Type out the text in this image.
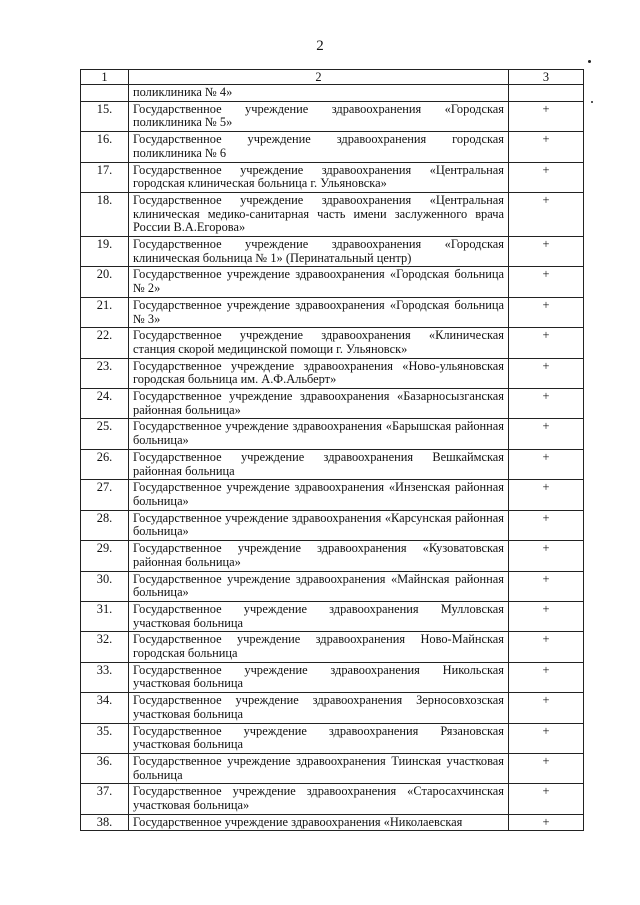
2
1	2	3
	поликлиника № 4»	
15.	Государственное учреждение здравоохранения «Городская поликлиника № 5»	+
16.	Государственное учреждение здравоохранения городская поликлиника № 6	+
17.	Государственное учреждение здравоохранения «Центральная городская клиническая больница г. Ульяновска»	+
18.	Государственное учреждение здравоохранения «Центральная клиническая медико-санитарная часть имени заслуженного врача России В.А.Егорова»	+
19.	Государственное учреждение здравоохранения «Городская клиническая больница № 1» (Перинатальный центр)	+
20.	Государственное учреждение здравоохранения «Городская больница № 2»	+
21.	Государственное учреждение здравоохранения «Городская больница № 3»	+
22.	Государственное учреждение здравоохранения «Клиническая станция скорой медицинской помощи г. Ульяновск»	+
23.	Государственное учреждение здравоохранения «Ново-ульяновская городская больница им. А.Ф.Альберт»	+
24.	Государственное учреждение здравоохранения «Базарносызганская районная больница»	+
25.	Государственное учреждение здравоохранения «Барышская районная больница»	+
26.	Государственное учреждение здравоохранения Вешкаймская районная больница	+
27.	Государственное учреждение здравоохранения «Инзенская районная больница»	+
28.	Государственное учреждение здравоохранения «Карсунская районная больница»	+
29.	Государственное учреждение здравоохранения «Кузоватовская районная больница»	+
30.	Государственное учреждение здравоохранения «Майнская районная больница»	+
31.	Государственное учреждение здравоохранения Мулловская участковая больница	+
32.	Государственное учреждение здравоохранения Ново-Майнская городская больница	+
33.	Государственное учреждение здравоохранения Никольская участковая больница	+
34.	Государственное учреждение здравоохранения Зерносовхозская участковая больница	+
35.	Государственное учреждение здравоохранения Рязановская участковая больница	+
36.	Государственное учреждение здравоохранения Тиинская участковая больница	+
37.	Государственное учреждение здравоохранения «Старосахчинская участковая больница»	+
38.	Государственное учреждение здравоохранения «Николаевская	+
